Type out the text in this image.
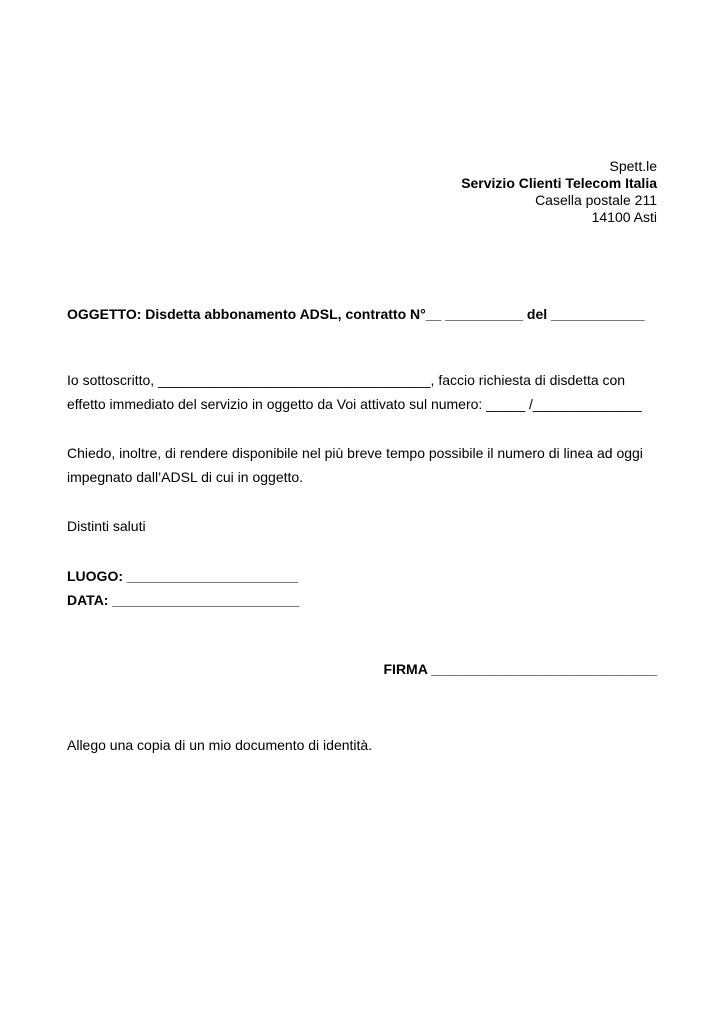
Spett.le
Servizio Clienti Telecom Italia
Casella postale 211
14100 Asti
OGGETTO: Disdetta abbonamento ADSL, contratto N°__ __________ del ____________
Io sottoscritto, ___________________________________, faccio richiesta di disdetta con
effetto immediato del servizio in oggetto da Voi attivato sul numero: _____ /______________
Chiedo, inoltre, di rendere disponibile nel più breve tempo possibile il numero di linea ad oggi
impegnato dall’ADSL di cui in oggetto.
Distinti saluti
LUOGO: ______________________
DATA: ________________________
FIRMA _____________________________
Allego una copia di un mio documento di identità.
